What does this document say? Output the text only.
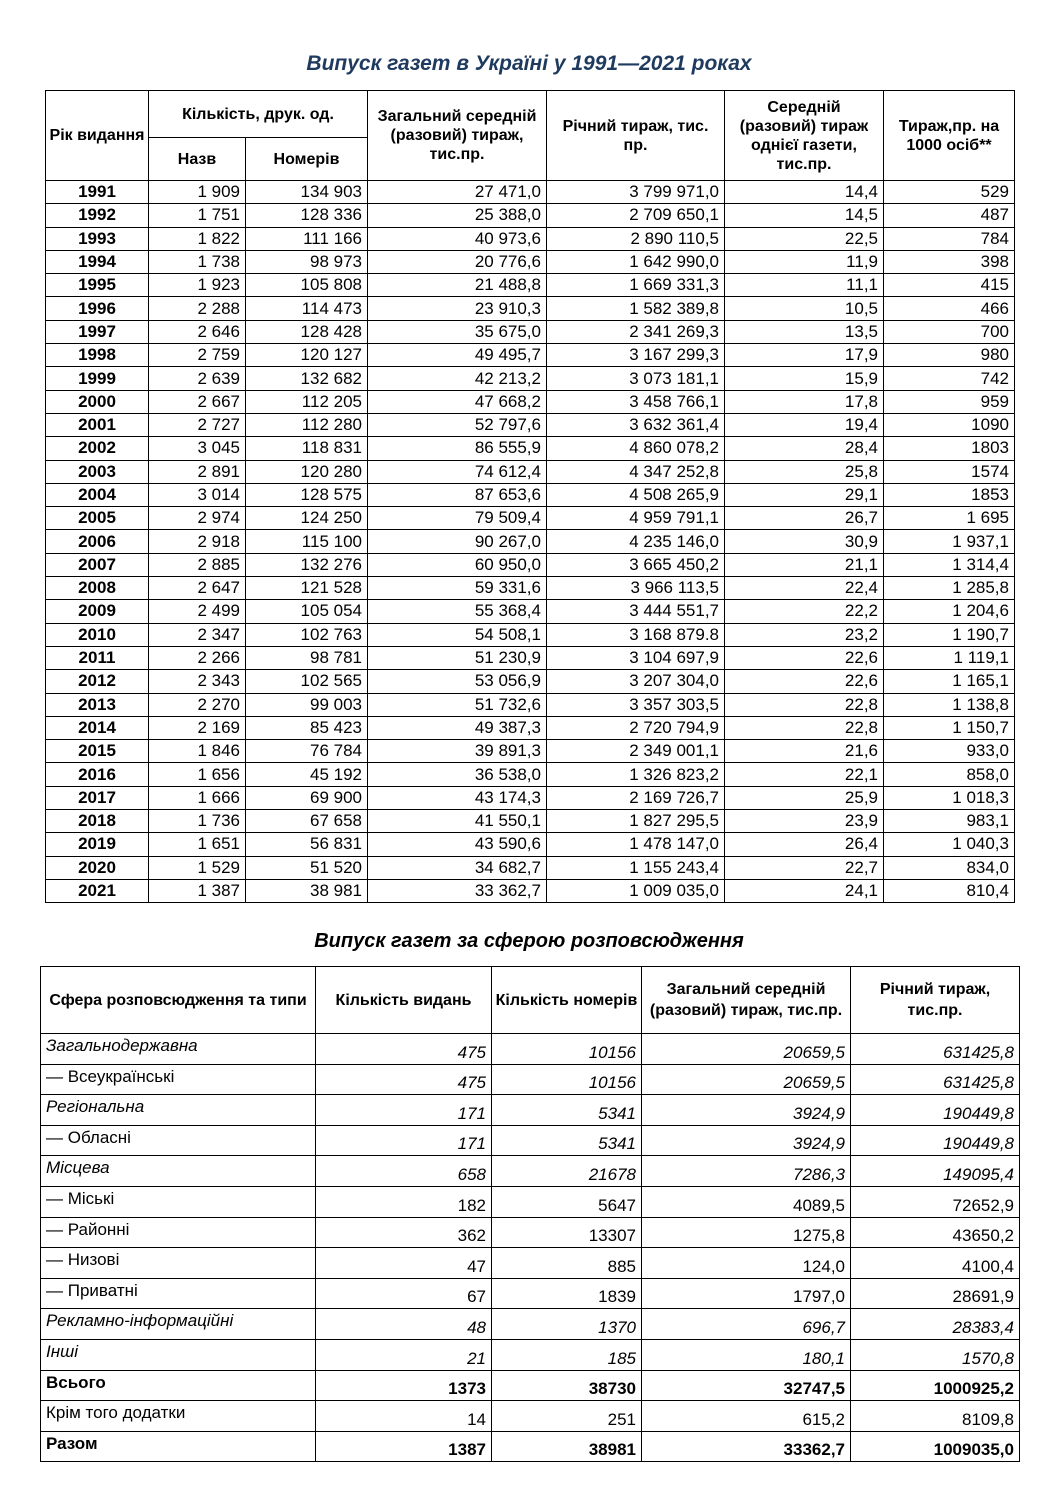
Випуск газет в Україні у 1991—2021 роках
Рік видання	Кількість, друк. од.		Загальний середній (разовий) тираж, тис.пр.	Річний тираж, тис. пр.	Середній (разовий) тираж однієї газети, тис.пр.	Тираж,пр. на 1000 осіб**
	Назв	Номерів				
1991	1 909	134 903	27 471,0	3 799 971,0	14,4	529
1992	1 751	128 336	25 388,0	2 709 650,1	14,5	487
1993	1 822	111 166	40 973,6	2 890 110,5	22,5	784
1994	1 738	98 973	20 776,6	1 642 990,0	11,9	398
1995	1 923	105 808	21 488,8	1 669 331,3	11,1	415
1996	2 288	114 473	23 910,3	1 582 389,8	10,5	466
1997	2 646	128 428	35 675,0	2 341 269,3	13,5	700
1998	2 759	120 127	49 495,7	3 167 299,3	17,9	980
1999	2 639	132 682	42 213,2	3 073 181,1	15,9	742
2000	2 667	112 205	47 668,2	3 458 766,1	17,8	959
2001	2 727	112 280	52 797,6	3 632 361,4	19,4	1090
2002	3 045	118 831	86 555,9	4 860 078,2	28,4	1803
2003	2 891	120 280	74 612,4	4 347 252,8	25,8	1574
2004	3 014	128 575	87 653,6	4 508 265,9	29,1	1853
2005	2 974	124 250	79 509,4	4 959 791,1	26,7	1 695
2006	2 918	115 100	90 267,0	4 235 146,0	30,9	1 937,1
2007	2 885	132 276	60 950,0	3 665 450,2	21,1	1 314,4
2008	2 647	121 528	59 331,6	3 966 113,5	22,4	1 285,8
2009	2 499	105 054	55 368,4	3 444 551,7	22,2	1 204,6
2010	2 347	102 763	54 508,1	3 168 879.8	23,2	1 190,7
2011	2 266	98 781	51 230,9	3 104 697,9	22,6	1 119,1
2012	2 343	102 565	53 056,9	3 207 304,0	22,6	1 165,1
2013	2 270	99 003	51 732,6	3 357 303,5	22,8	1 138,8
2014	2 169	85 423	49 387,3	2 720 794,9	22,8	1 150,7
2015	1 846	76 784	39 891,3	2 349 001,1	21,6	933,0
2016	1 656	45 192	36 538,0	1 326 823,2	22,1	858,0
2017	1 666	69 900	43 174,3	2 169 726,7	25,9	1 018,3
2018	1 736	67 658	41 550,1	1 827 295,5	23,9	983,1
2019	1 651	56 831	43 590,6	1 478 147,0	26,4	1 040,3
2020	1 529	51 520	34 682,7	1 155 243,4	22,7	834,0
2021	1 387	38 981	33 362,7	1 009 035,0	24,1	810,4
Випуск газет за сферою розповсюдження
Сфера розповсюдження та типи	Кількість видань	Кількість номерів	Загальний середній (разовий) тираж, тис.пр.	Річний тираж, тис.пр.
Загальнодержавна	475	10156	20659,5	631425,8
— Всеукраїнські	475	10156	20659,5	631425,8
Регіональна	171	5341	3924,9	190449,8
— Обласні	171	5341	3924,9	190449,8
Місцева	658	21678	7286,3	149095,4
— Міські	182	5647	4089,5	72652,9
— Районні	362	13307	1275,8	43650,2
— Низові	47	885	124,0	4100,4
— Приватні	67	1839	1797,0	28691,9
Рекламно-інформаційні	48	1370	696,7	28383,4
Інші	21	185	180,1	1570,8
Всього	1373	38730	32747,5	1000925,2
Крім того додатки	14	251	615,2	8109,8
Разом	1387	38981	33362,7	1009035,0
